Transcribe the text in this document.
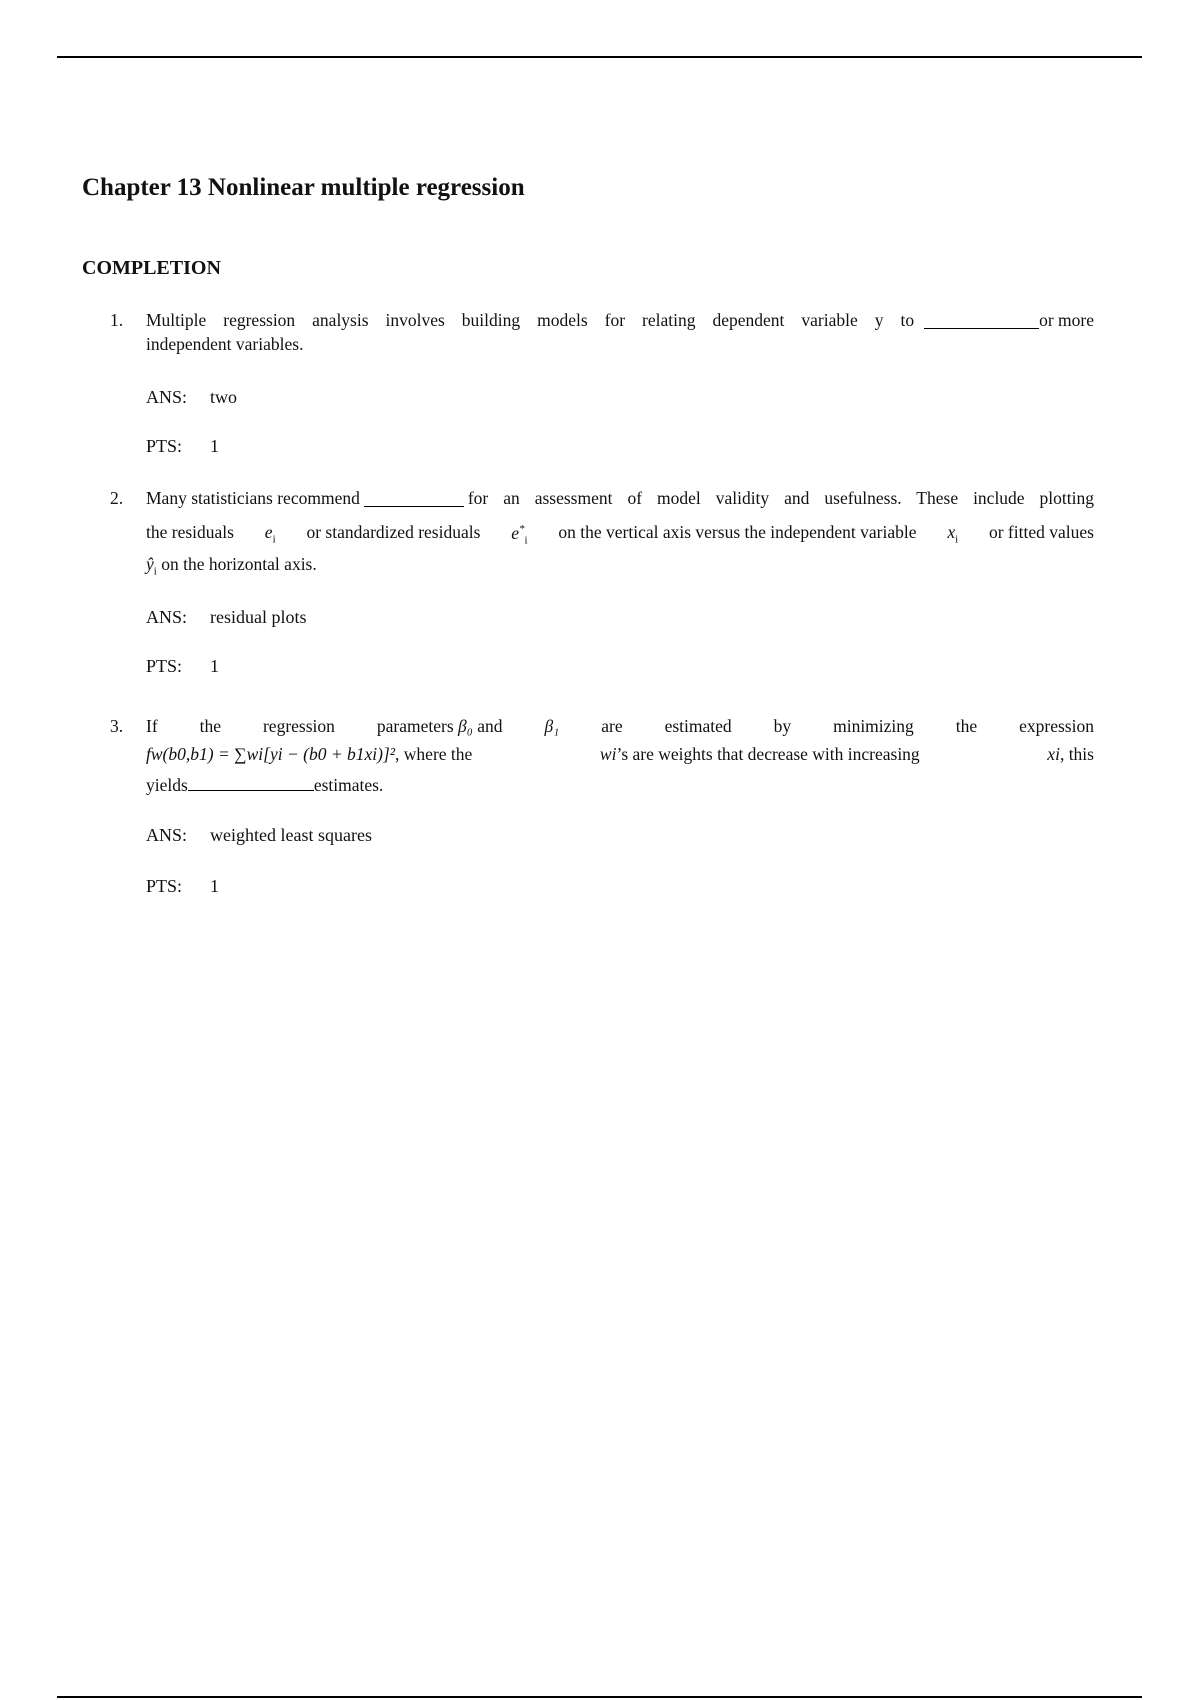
Chapter 13 Nonlinear multiple regression
COMPLETION
1. Multiple regression analysis involves building models for relating dependent variable y to	or more
independent variables.
ANS: two
PTS: 1
2. Many statisticians recommend	for an assessment of model validity and usefulness. These include plotting
the residuals $e_i$ or standardized residuals $e^*_i$ on the vertical axis versus the independent variable $x_i$ or fitted values
$ŷ_i$ on the horizontal axis.
ANS: residual plots
PTS: 1
3. If the regression parameters β₀ and β₁ are estimated by minimizing the expression
fw(b0,b1) = ∑wi[yi − (b0 + b1xi)]², where the	wi’s are weights that decrease with increasing	xi, this
yields	estimates.
ANS: weighted least squares
PTS: 1
